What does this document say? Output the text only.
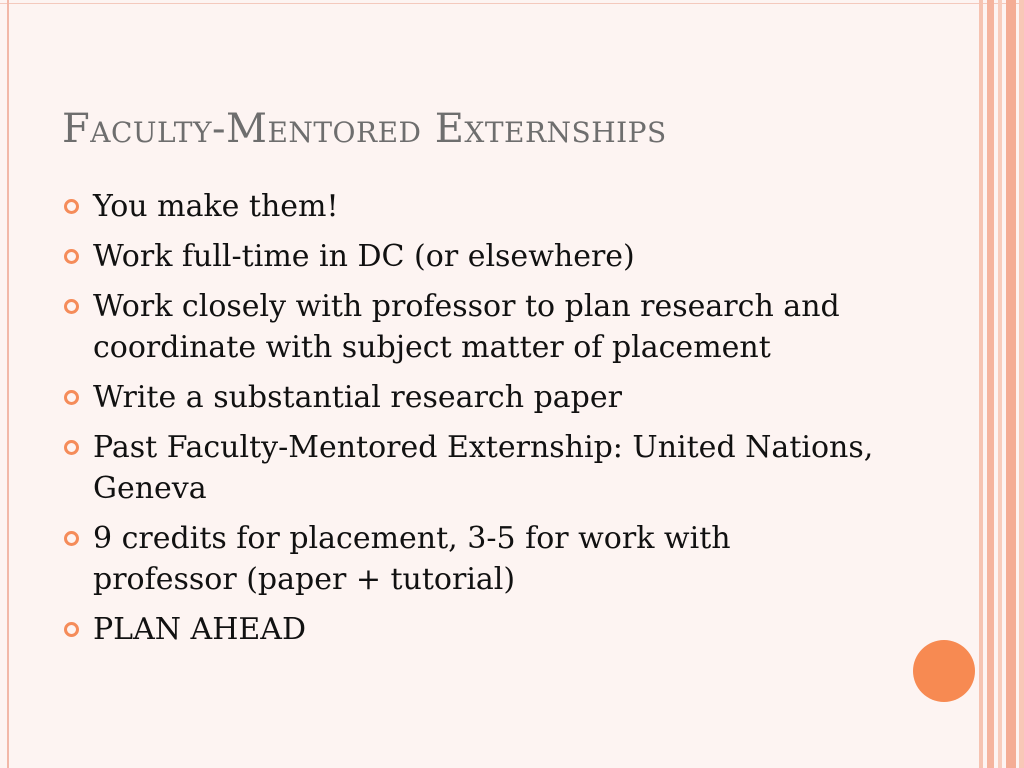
Faculty-Mentored Externships
You make them!
Work full-time in DC (or elsewhere)
Work closely with professor to plan research and coordinate with subject matter of placement
Write a substantial research paper
Past Faculty-Mentored Externship: United Nations, Geneva
9 credits for placement, 3-5 for work with professor (paper + tutorial)
PLAN AHEAD
